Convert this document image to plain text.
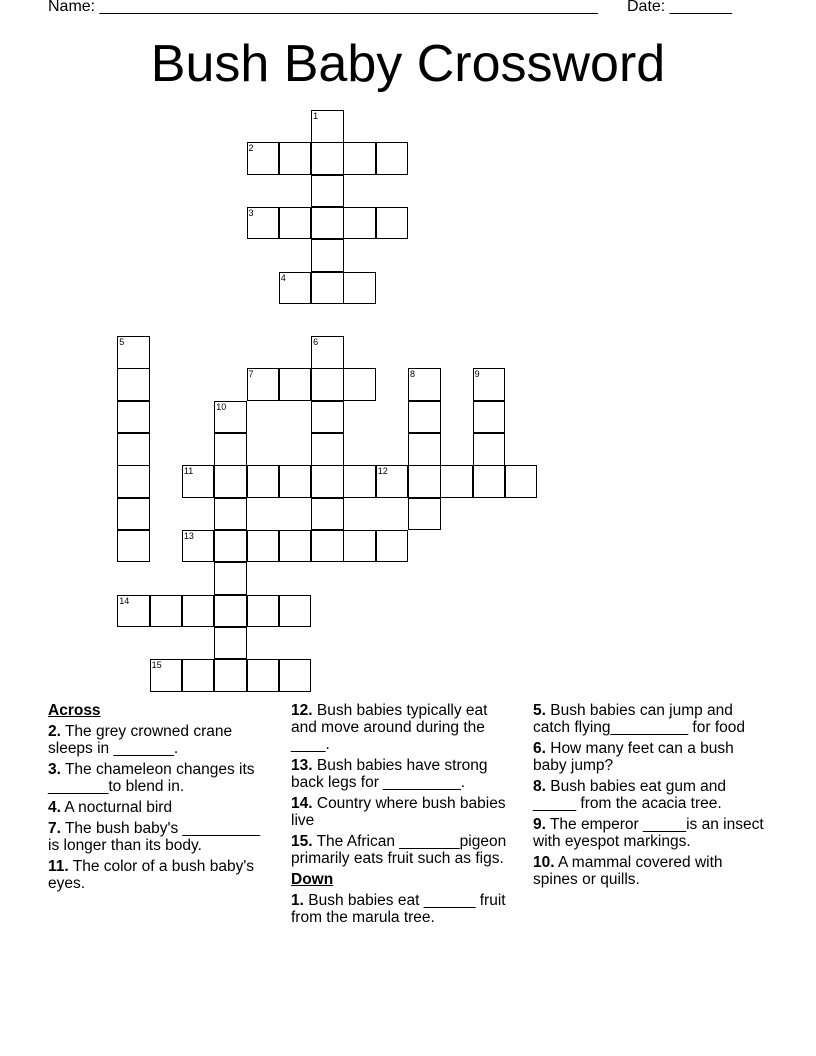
Name: ________________________________________________________ Date: _______
Bush Baby Crossword
1
2
3
4
5	6
7	8	9
10
11	12
13
14
15
Across
2. The grey crowned crane sleeps in _______.
3. The chameleon changes its _______to blend in.
4. A nocturnal bird
7. The bush baby's _________ is longer than its body.
11. The color of a bush baby's eyes.
12. Bush babies typically eat and move around during the ____.
13. Bush babies have strong back legs for _________.
14. Country where bush babies live
15. The African _______pigeon primarily eats fruit such as figs.
Down
1. Bush babies eat ______ fruit from the marula tree.
5. Bush babies can jump and catch flying_________ for food
6. How many feet can a bush baby jump?
8. Bush babies eat gum and _____ from the acacia tree.
9. The emperor _____is an insect with eyespot markings.
10. A mammal covered with spines or quills.
